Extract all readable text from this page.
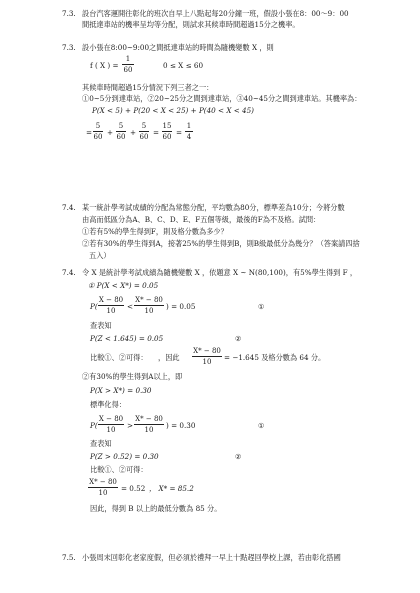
7.3. 設台汽客運開往彰化的班次自早上八點起每20分鐘一班，假設小張在8：00～9：00
間抵達車站的機率呈均等分配，則試求其候車時間超過15分之機率。
7.3. 設小張在8:00~9:00之間抵達車站的時間為隨機變數 X ，則
f ( X ) =
1
60	0 ≤ X ≤ 60
其候車時間超過15分情況下列三者之一：
①0~5分到達車站，②20~25分之間到達車站，③40~45分之間到達車站。其機率為：
P(X < 5) + P(20 < X < 25) + P(40 < X < 45)
=
5
60 +
5
60 +
5
60 =
15
60 =
1
4
7.4. 某一統計學考試成績的分配為常態分配，平均數為80分，標準差為10分；今將分數
由高而低區分為A、B、C、D、E、F五個等級，最後的F為不及格。試問：
①若有5%的學生得到F，則及格分數為多少？
②若有30%的學生得到A，接著25%的學生得到B，則B級最低分為幾分？（答案請四捨
五入）
7.4. 令 X 是統計學考試成績為隨機變數 X ，依題意 X ~ N(80,100)，有5%學生得到 F ，
① P(X < X*) = 0.05
P(
X − 80
10	<
X* − 80
10	) = 0.05	①
查表知
P(Z < 1.645) = 0.05	②
比較①、②可得： ，因此
X* − 80
10	= −1.645 及格分數為 64 分。
②有30%的學生得到A以上，即
P(X > X*) = 0.30
標準化得：
P(
X − 80
10	>
X* − 80
10	) = 0.30	①
查表知
P(Z > 0.52) = 0.30	②
比較①、②可得：
X* − 80
10	= 0.52 ， X* = 85.2
因此，得到 B 以上的最低分數為 85 分。
7.5. 小張周末回彰化老家度假，但必須於禮拜一早上十點趕回學校上課，若由彰化搭國
